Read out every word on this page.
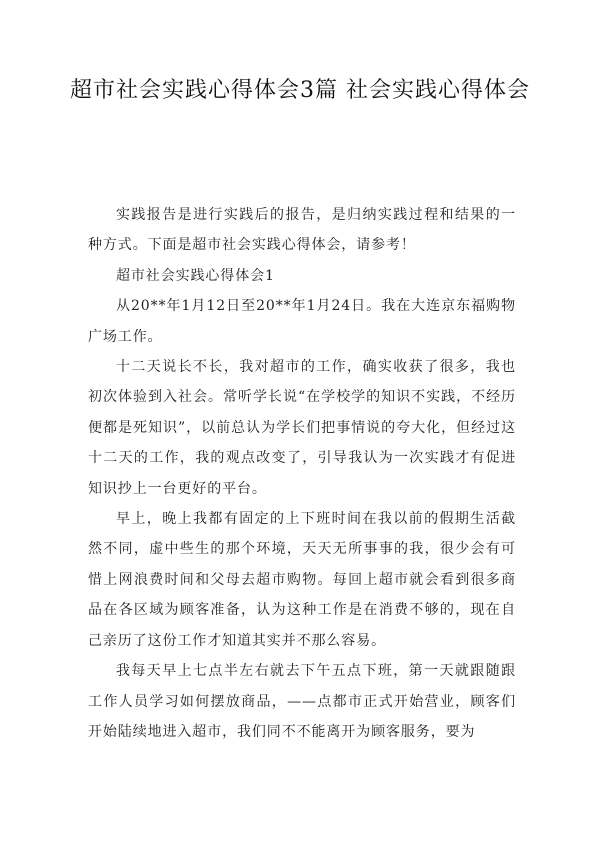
超市社会实践心得体会3篇 社会实践心得体会

实践报告是进行实践后的报告，是归纳实践过程和结果的一种方式。下面是超市社会实践心得体会，请参考！

超市社会实践心得体会1

从20**年1月12日至20**年1月24日。我在大连京东福购物广场工作。

十二天说长不长，我对超市的工作，确实收获了很多，我也初次体验到入社会。常听学长说“在学校学的知识不实践，不经历便都是死知识”，以前总认为学长们把事情说的夸大化，但经过这十二天的工作，我的观点改变了，引导我认为一次实践才有促进知识抄上一台更好的平台。

早上，晚上我都有固定的上下班时间在我以前的假期生活截然不同，虚中些生的那个环境，天天无所事事的我，很少会有可惜上网浪费时间和父母去超市购物。每回上超市就会看到很多商品在各区域为顾客准备，认为这种工作是在消费不够的，现在自己亲历了这份工作才知道其实并不那么容易。

我每天早上七点半左右就去下午五点下班，第一天就跟随跟工作人员学习如何摆放商品，——点都市正式开始营业，顾客们开始陆续地进入超市，我们同不不能离开为顾客服务，要为
